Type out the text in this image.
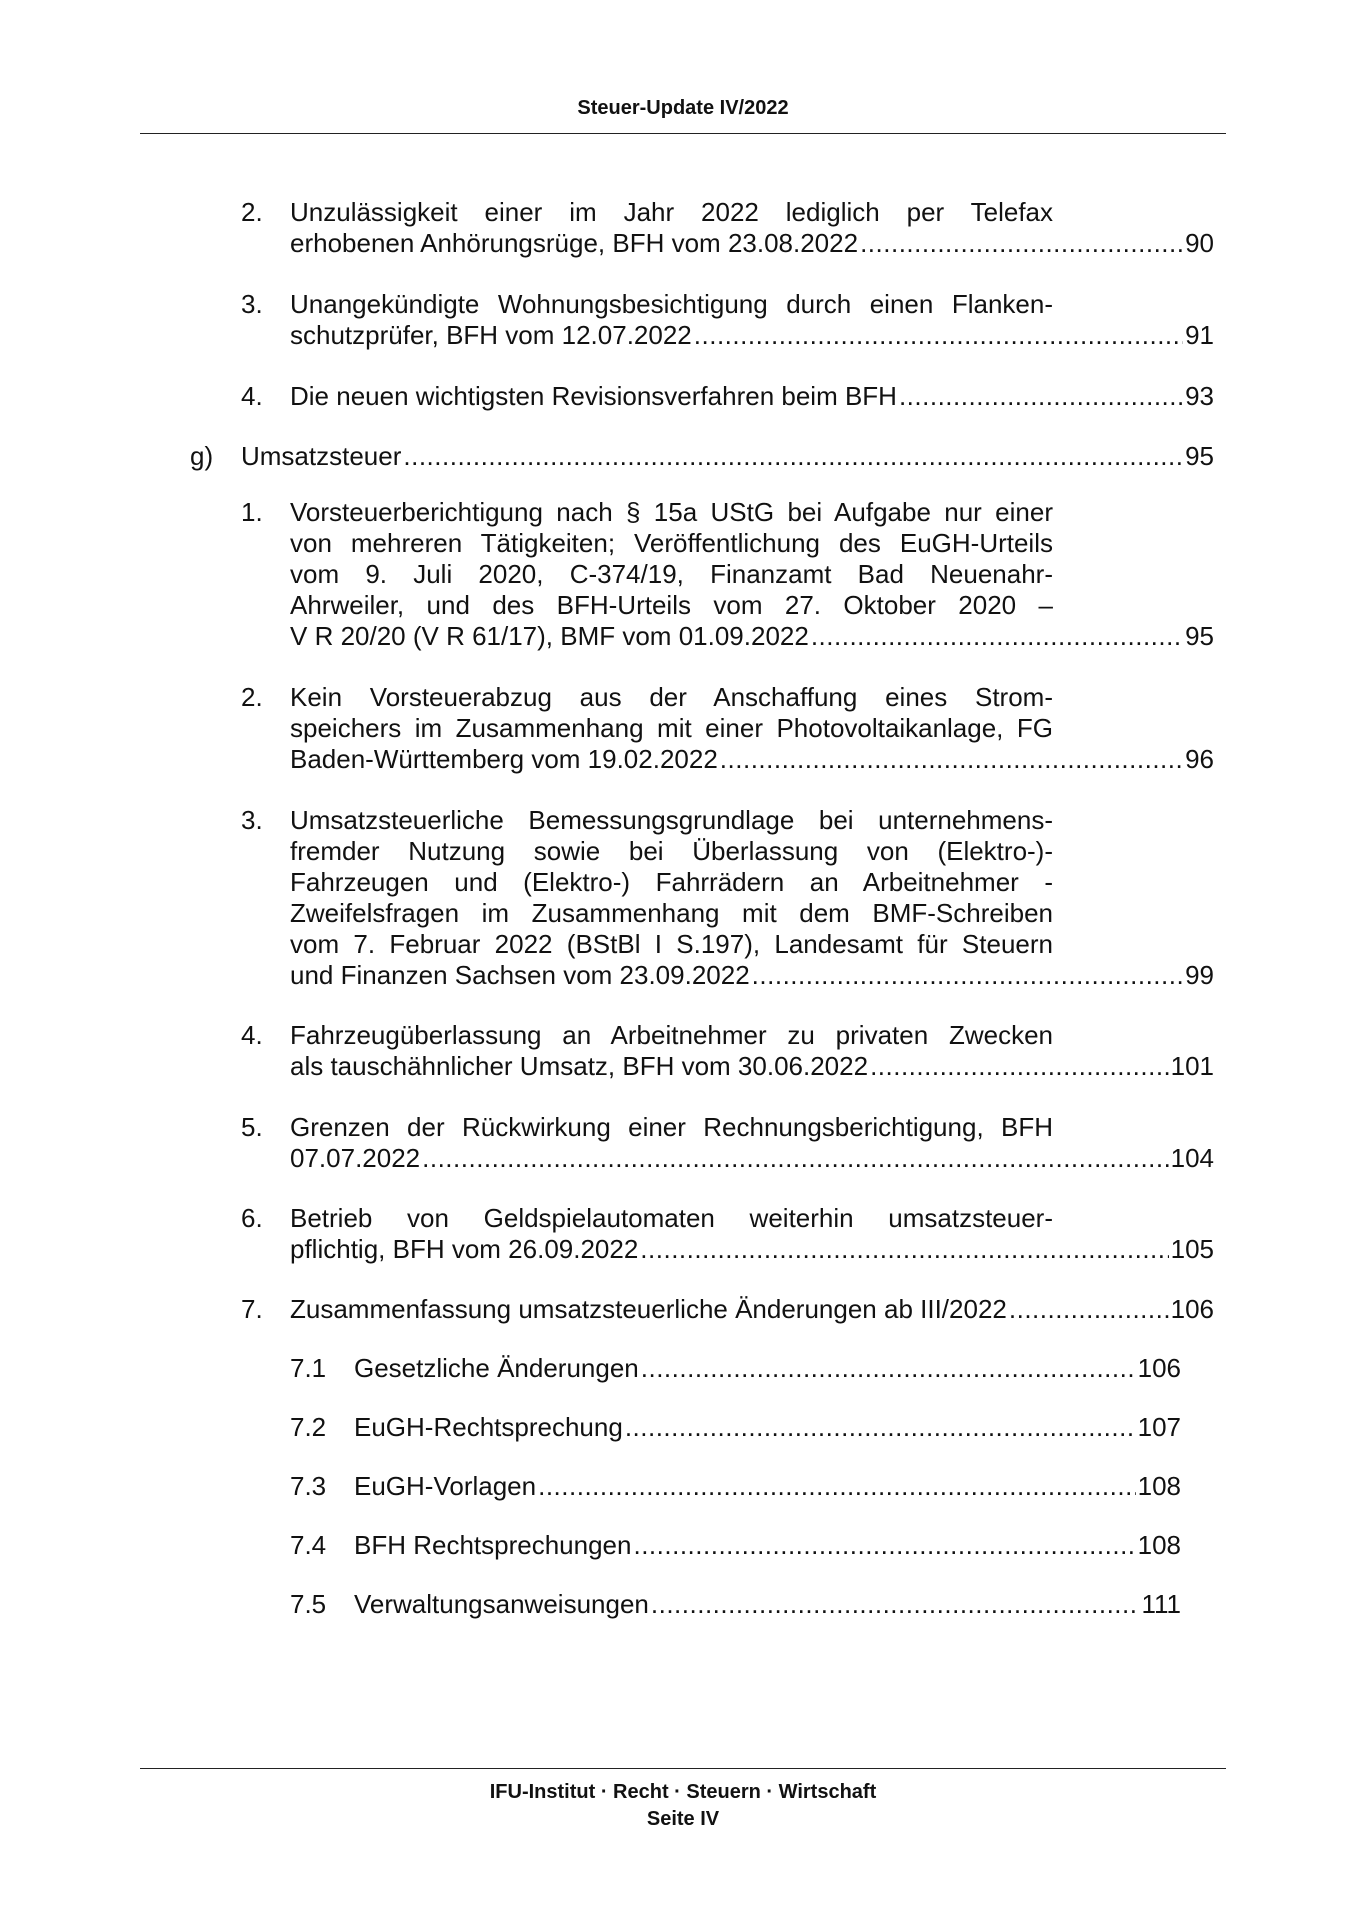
Steuer-Update IV/2022
2. Unzulässigkeit einer im Jahr 2022 lediglich per Telefax
erhobenen Anhörungsrüge, BFH vom 23.08.2022 .....	90
3. Unangekündigte Wohnungsbesichtigung durch einen Flanken-
schutzprüfer, BFH vom 12.07.2022 .....	91
4. Die neuen wichtigsten Revisionsverfahren beim BFH .....	93
g) Umsatzsteuer .....	95
1. Vorsteuerberichtigung nach § 15a UStG bei Aufgabe nur einer
von mehreren Tätigkeiten; Veröffentlichung des EuGH-Urteils
vom 9. Juli 2020, C-374/19, Finanzamt Bad Neuenahr-
Ahrweiler, und des BFH-Urteils vom 27. Oktober 2020 –
V R 20/20 (V R 61/17), BMF vom 01.09.2022 .....	95
2. Kein Vorsteuerabzug aus der Anschaffung eines Strom-
speichers im Zusammenhang mit einer Photovoltaikanlage, FG
Baden-Württemberg vom 19.02.2022 .....	96
3. Umsatzsteuerliche Bemessungsgrundlage bei unternehmens-
fremder Nutzung sowie bei Überlassung von (Elektro-)-
Fahrzeugen und (Elektro-) Fahrrädern an Arbeitnehmer -
Zweifelsfragen im Zusammenhang mit dem BMF-Schreiben
vom 7. Februar 2022 (BStBl I S.197), Landesamt für Steuern
und Finanzen Sachsen vom 23.09.2022 .....	99
4. Fahrzeugüberlassung an Arbeitnehmer zu privaten Zwecken
als tauschähnlicher Umsatz, BFH vom 30.06.2022 .....	101
5. Grenzen der Rückwirkung einer Rechnungsberichtigung, BFH
07.07.2022 .....	104
6. Betrieb von Geldspielautomaten weiterhin umsatzsteuer-
pflichtig, BFH vom 26.09.2022 .....	105
7. Zusammenfassung umsatzsteuerliche Änderungen ab III/2022 .....	106
7.1 Gesetzliche Änderungen .....	106
7.2 EuGH-Rechtsprechung .....	107
7.3 EuGH-Vorlagen .....	108
7.4 BFH Rechtsprechungen .....	108
7.5 Verwaltungsanweisungen .....	111
IFU-Institut · Recht · Steuern · Wirtschaft
Seite IV
